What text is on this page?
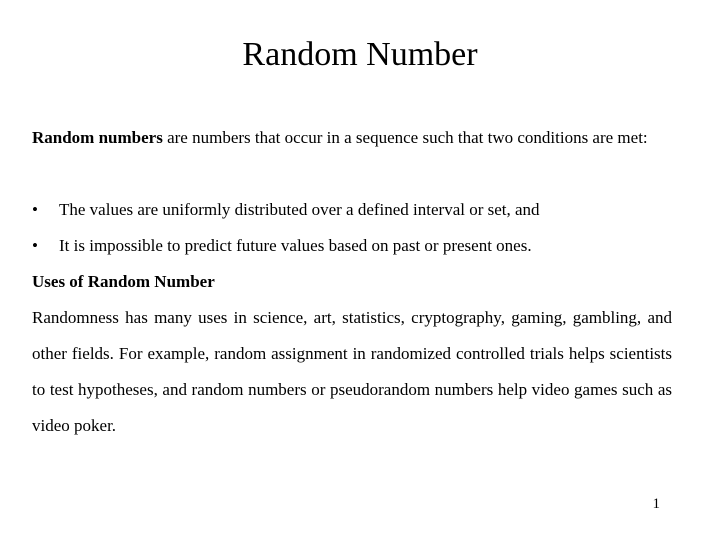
Random Number

Random numbers are numbers that occur in a sequence such that two conditions are met:

• The values are uniformly distributed over a defined interval or set, and
• It is impossible to predict future values based on past or present ones.
Uses of Random Number

Randomness has many uses in science, art, statistics, cryptography, gaming, gambling, and other fields. For example, random assignment in randomized controlled trials helps scientists to test hypotheses, and random numbers or pseudorandom numbers help video games such as video poker.

1
